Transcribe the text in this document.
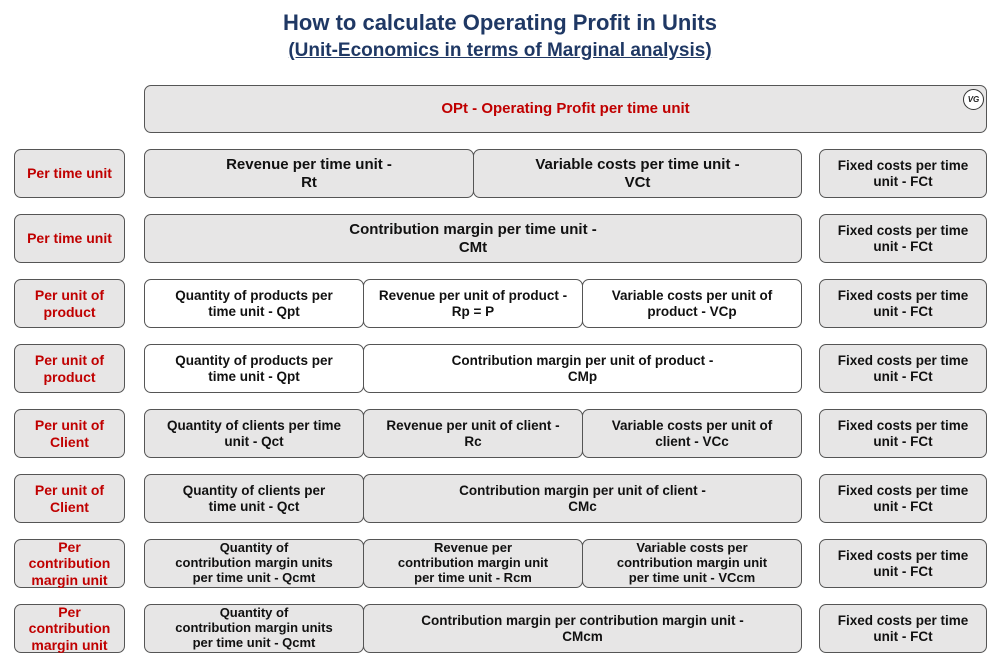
How to calculate Operating Profit in Units
(Unit-Economics in terms of Marginal analysis)
OPt - Operating Profit per time unit
VG
Per time unit
Revenue per time unit -
Rt
Variable costs per time unit -
VCt
Fixed costs per time
unit - FCt
Per time unit
Contribution margin per time unit -
CMt
Fixed costs per time
unit - FCt
Per unit of
product
Quantity of products per
time unit - Qpt
Revenue per unit of product -
Rp = P
Variable costs per unit of
product - VCp
Fixed costs per time
unit - FCt
Per unit of
product
Quantity of products per
time unit - Qpt
Contribution margin per unit of product -
CMp
Fixed costs per time
unit - FCt
Per unit of
Client
Quantity of clients per time
unit - Qct
Revenue per unit of client -
Rc
Variable costs per unit of
client - VCc
Fixed costs per time
unit - FCt
Per unit of
Client
Quantity of clients per
time unit - Qct
Contribution margin per unit of client -
CMc
Fixed costs per time
unit - FCt
Per contribution
margin unit
Quantity of
contribution margin units
per time unit - Qcmt
Revenue per
contribution margin unit
per time unit - Rcm
Variable costs per
contribution margin unit
per time unit - VCcm
Fixed costs per time
unit - FCt
Per contribution
margin unit
Quantity of
contribution margin units
per time unit - Qcmt
Contribution margin per contribution margin unit -
CMcm
Fixed costs per time
unit - FCt
